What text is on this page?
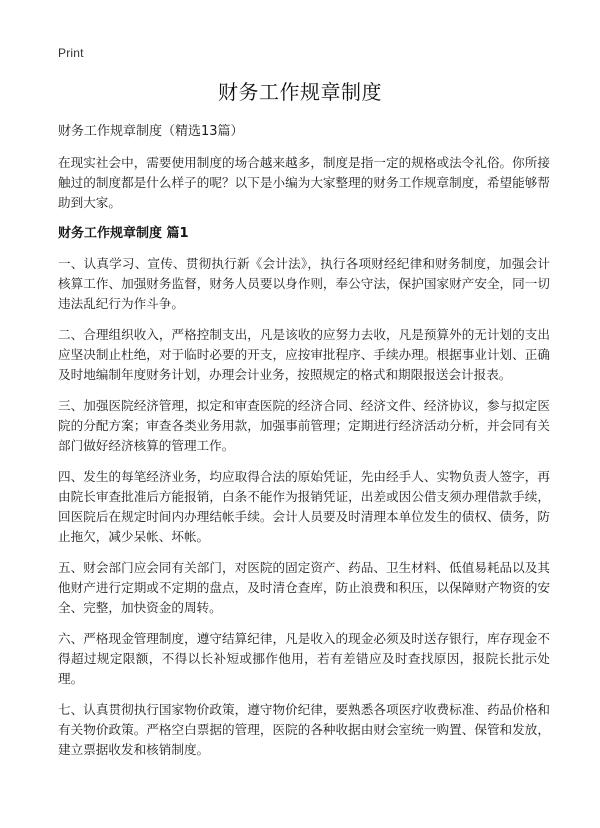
Print
财务工作规章制度

财务工作规章制度（精选13篇）

在现实社会中，需要使用制度的场合越来越多，制度是指一定的规格或法令礼俗。你所接触过的制度都是什么样子的呢？以下是小编为大家整理的财务工作规章制度，希望能够帮助到大家。

财务工作规章制度 篇1

一、认真学习、宣传、贯彻执行新《会计法》，执行各项财经纪律和财务制度，加强会计核算工作、加强财务监督，财务人员要以身作则，奉公守法，保护国家财产安全，同一切违法乱纪行为作斗争。

二、合理组织收入，严格控制支出，凡是该收的应努力去收，凡是预算外的无计划的支出应坚决制止杜绝，对于临时必要的开支，应按审批程序、手续办理。根据事业计划、正确及时地编制年度财务计划，办理会计业务，按照规定的格式和期限报送会计报表。

三、加强医院经济管理，拟定和审查医院的经济合同、经济文件、经济协议，参与拟定医院的分配方案；审查各类业务用款，加强事前管理；定期进行经济活动分析，并会同有关部门做好经济核算的管理工作。

四、发生的每笔经济业务，均应取得合法的原始凭证，先由经手人、实物负责人签字，再由院长审查批准后方能报销，白条不能作为报销凭证，出差或因公借支须办理借款手续，回医院后在规定时间内办理结帐手续。会计人员要及时清理本单位发生的债权、债务，防止拖欠，减少呆帐、坏帐。

五、财会部门应会同有关部门，对医院的固定资产、药品、卫生材料、低值易耗品以及其他财产进行定期或不定期的盘点，及时清仓查库，防止浪费和积压，以保障财产物资的安全、完整，加快资金的周转。

六、严格现金管理制度，遵守结算纪律，凡是收入的现金必须及时送存银行，库存现金不得超过规定限额，不得以长补短或挪作他用，若有差错应及时查找原因，报院长批示处理。

七、认真贯彻执行国家物价政策，遵守物价纪律，要熟悉各项医疗收费标准、药品价格和有关物价政策。严格空白票据的管理，医院的各种收据由财会室统一购置、保管和发放，建立票据收发和核销制度。
